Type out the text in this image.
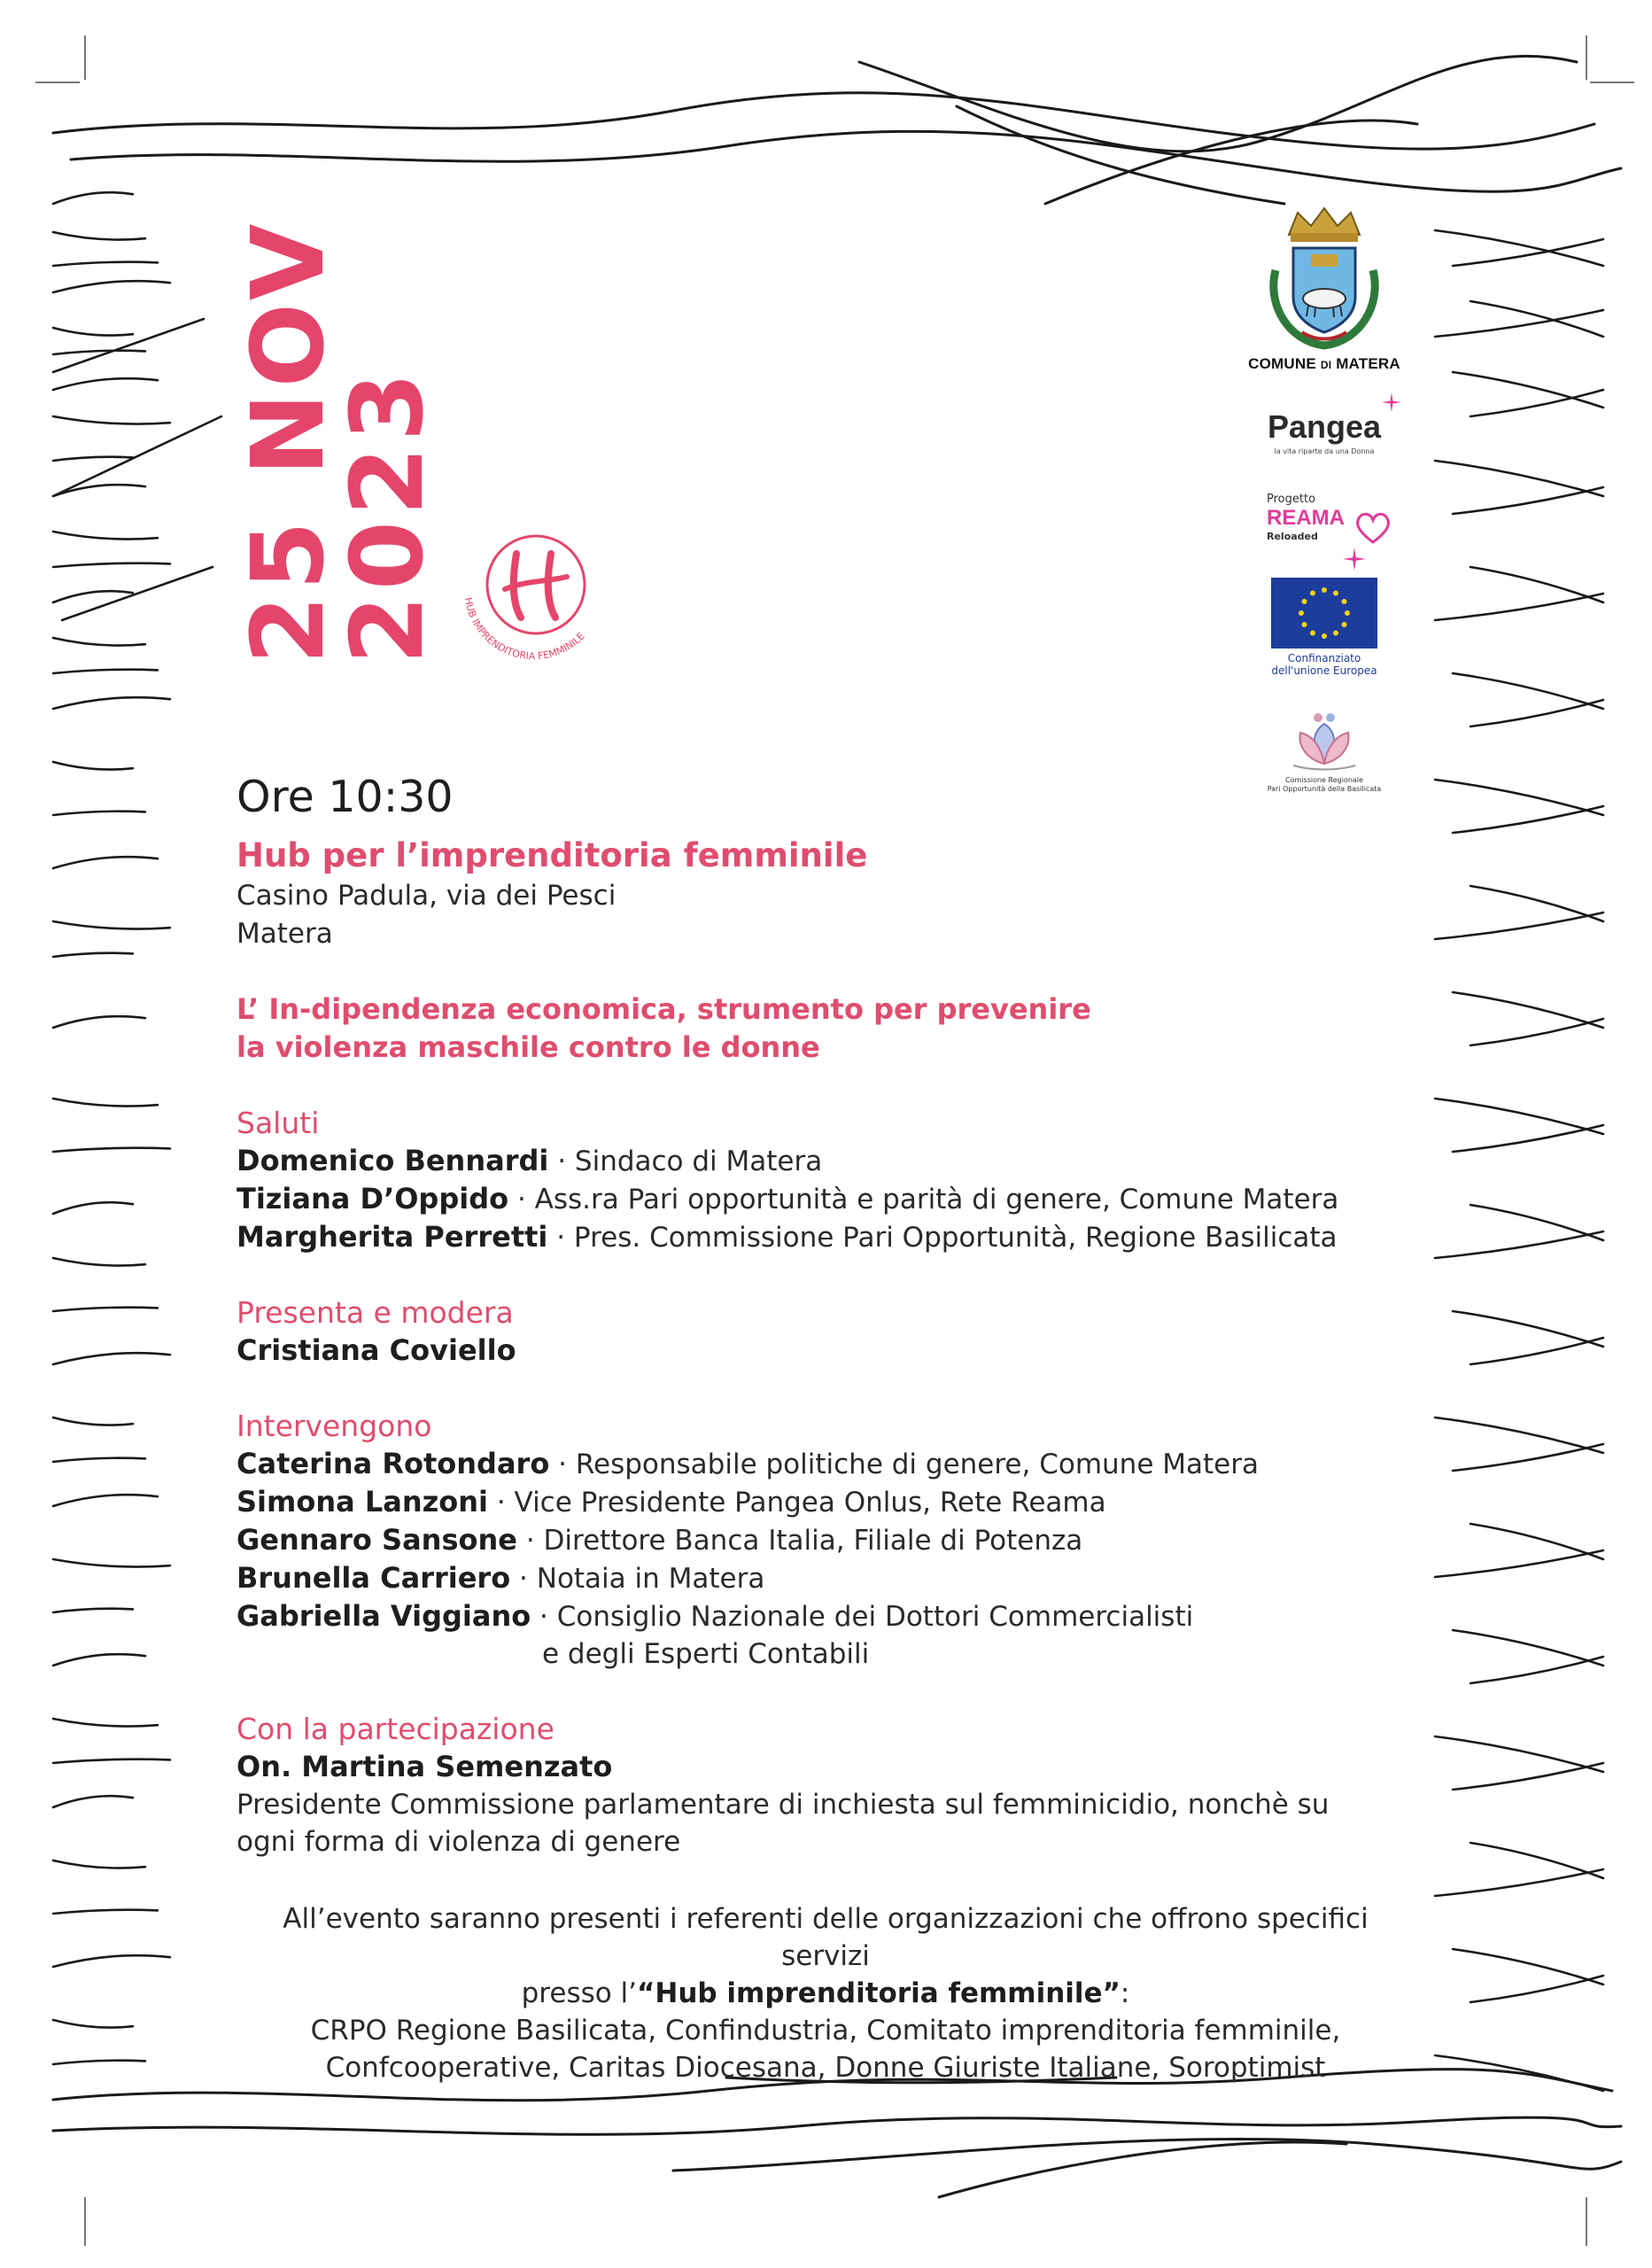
25 NOV
2023 HUB IMPRENDITORIA FEMMINILE
COMUNE DI MATERA
Pangea
la vita riparte da una Donna
Progetto
REAMA
Reloaded
Confinanziato
dell'unione Europea
Comissione Regionale
Pari Opportunità della Basilicata
Ore 10:30
Hub per l’imprenditoria femminile
Casino Padula, via dei Pesci
Matera
L’ In-dipendenza economica, strumento per prevenire
la violenza maschile contro le donne
Saluti
Domenico Bennardi · Sindaco di Matera
Tiziana D’Oppido · Ass.ra Pari opportunità e parità di genere, Comune Matera
Margherita Perretti · Pres. Commissione Pari Opportunità, Regione Basilicata
Presenta e modera
Cristiana Coviello
Intervengono
Caterina Rotondaro · Responsabile politiche di genere, Comune Matera
Simona Lanzoni · Vice Presidente Pangea Onlus, Rete Reama
Gennaro Sansone · Direttore Banca Italia, Filiale di Potenza
Brunella Carriero · Notaia in Matera
Gabriella Viggiano · Consiglio Nazionale dei Dottori Commercialisti
e degli Esperti Contabili
Con la partecipazione
On. Martina Semenzato
Presidente Commissione parlamentare di inchiesta sul femminicidio, nonchè su
ogni forma di violenza di genere
All’evento saranno presenti i referenti delle organizzazioni che offrono specifici servizi
presso l’“Hub imprenditoria femminile”:
CRPO Regione Basilicata, Confindustria, Comitato imprenditoria femminile,
Confcooperative, Caritas Diocesana, Donne Giuriste Italiane, Soroptimist
